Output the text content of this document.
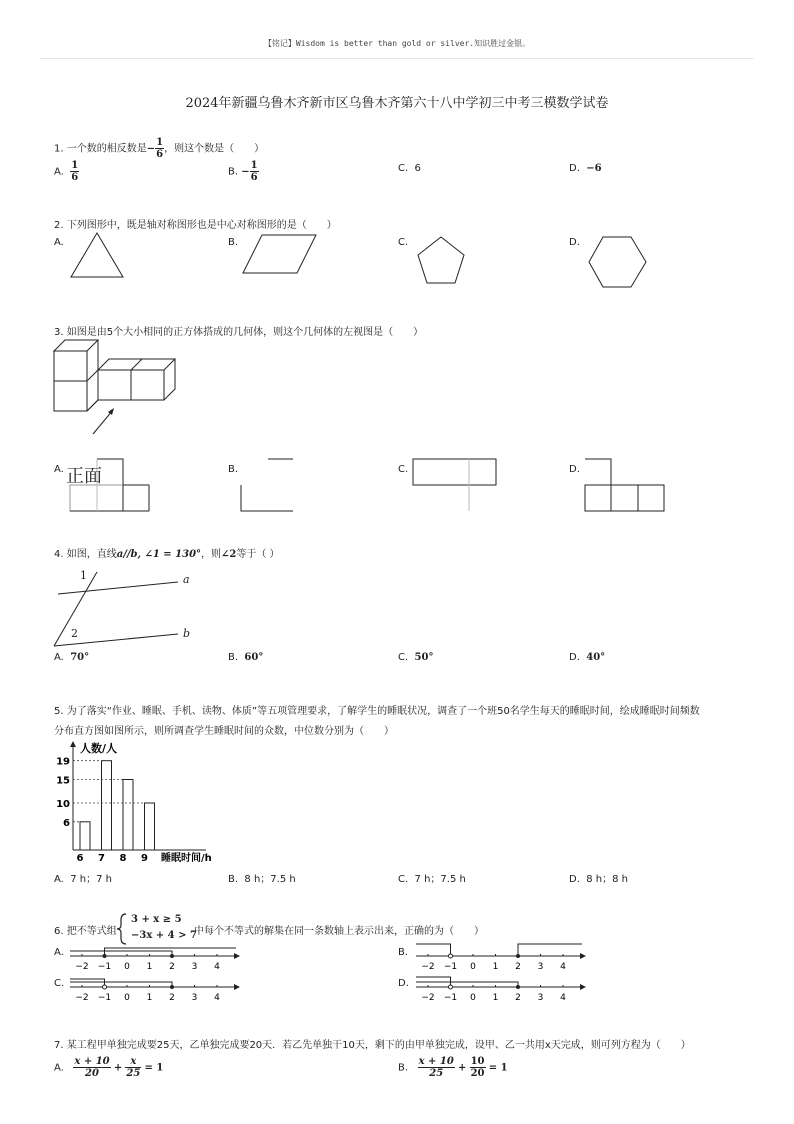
【铭记】Wisdom is better than gold or silver.知识胜过金银。
2024年新疆乌鲁木齐新市区乌鲁木齐第六十八中学初三中考三模数学试卷
1. 一个数的相反数是− $\frac{1}{6}$ ，则这个数是（　　）
A. $\frac{1}{6}$	B. − $\frac{1}{6}$	C. 6	D. −6
2. 下列图形中，既是轴对称图形也是中心对称图形的是（　　）
A.	B.	C.	D.
正面
3. 如图是由5个大小相同的正方体搭成的几何体，则这个几何体的左视图是（　　）
A.	B.	C.	D.
4. 如图，直线a//b, ∠1 = 130°，则∠2等于（ ）
1
2
a
b
A. 70°	B. 60°	C. 50°	D. 40°
5. 为了落实“作业、睡眠、手机、读物、体质”等五项管理要求，了解学生的睡眠状况，调查了一个班50名学生每天的睡眠时间，绘成睡眠时间频数
分布直方图如图所示，则所调查学生睡眠时间的众数，中位数分别为（　　）
人数/人
睡眠时间/h
6
10
15
19
6 7 8 9
A. 7 h；7 h	B. 8 h；7.5 h	C. 7 h；7.5 h	D. 8 h；8 h
6. 把不等式组
3 + x ≥ 5
−3x + 4 > 7
中每个不等式的解集在同一条数轴上表示出来，正确的为（　　）
A.	B.
C.	D.
−2 −1 0 1 2 3 4	−2 −1 0 1 2 3 4
−2 −1 0 1 2 3 4	−2 −1 0 1 2 3 4
7. 某工程甲单独完成要25天，乙单独完成要20天．若乙先单独干10天，剩下的由甲单独完成，设甲、乙一共用x天完成，则可列方程为（　　）
A. $\frac{x + 10}{20} + \frac{x}{25} = 1$	B. $\frac{x + 10}{25} + \frac{10}{20} = 1$
